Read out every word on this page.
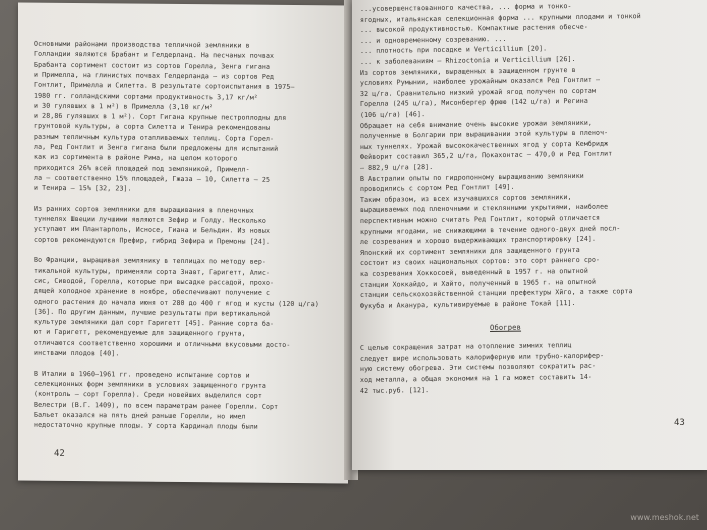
42
Основными районами производства тепличной земляники в
Голландии являются Брабант и Гелдерланд. На песчаных почвах
Брабанта сортимент состоит из сортов Горелла, Зенга гигана
и Примелла, на глинистых почвах Гелдерланда – из сортов Ред
Гонтлит, Примелла и Силетта. В результате сортоиспытания в 1975–
1980 гг. голландскими сортами продуктивность 3,17 кг/м²
и 30 гулявших в 1 м²) в Примелла (3,10 кг/м²
и 28,86 гулявших в 1 м²). Сорт Гигана крупные пестроплодны для
грунтовой культуры, а сорта Силетта и Тенира рекомендованы
разным тепличным культура отапливаемых теплиц. Сорта Горел-
ла, Ред Гонтлит и Зенга гигана были предложены для испытаний
как из сортимента в районе Рима, на целом которого
приходится 26% всей площадей под земляникой, Примелл-
ла – соответственно 15% площадей, Гжаза – 10, Силетта – 25
и Тенира – 15% [32, 23].
Из ранних сортов земляники для выращивания в пленочных
туннелях Швеции лучшими являются Зефир и Голду. Несколько
уступают им Плантарполь, Исносе, Гиана и Бельдин. Из новых
сортов рекомендуются Префир, гибрид Зефира и Премоны [24].
Во Франции, выращивая землянику в теплицах по методу вер-
тикальной культуры, применяли сорта Знавт, Гаригетт, Алис-
сис, Сиводой, Горелла, которые при высадке рассадой, прохо-
дящей холодное хранение в ноябре, обеспечивают получение с
одного растения до начала июня от 280 до 400 г ягод и кусты (120 ц/га)
[36]. По другим данным, лучшие результаты при вертикальной
культуре земляники дал сорт Гаригетт [45]. Ранние сорта ба-
ют и Гаригетт, рекомендуемые для защищенного грунта,
отличаются соответственно хорошими и отличными вкусовыми досто-
инствами плодов [40].
В Италии в 1960–1961 гг. проведено испытание сортов и
селекционных форм земляники в условиях защищенного грунта
(контроль – сорт Горелла). Среди новейших выделился сорт
Велестри (В.Г. 1409), по всем параметрам ранее Горелли. Сорт
Бальет оказался на пять дней раньше Горелли, но имел
недостаточно крупные плоды. У сорта Кардинал плоды были	43
...усовершенствованного качества, ... форма и тонко-
ягодных, итальянская селекционная форма ... крупными плодами и тонкой
... высокой продуктивностью. Компактные растения обесче-
... и одновременному созреванию. ...
... плотность при посадке и Verticillium [20].
... к заболеваниям – Rhizoctonia и Verticillium [26].
Из сортов земляники, выращенных в защищенном грунте в
условиях Румынии, наиболее урожайным оказался Ред Гонтлит –
32 ц/га. Сравнительно низкий урожай ягод получен по сортам
Горелла (245 ц/га), Мисонбергер фрюю (142 ц/га) и Регина
(106 ц/га) [46].
Обращает на себя внимание очень высокие урожаи земляники,
полученные в Болгарии при выращивании этой культуры в пленоч-
ных туннелях. Урожай высококачественных ягод у сорта Кембридж
Фейворит составил 365,2 ц/га, Покахонтас – 470,0 и Ред Гонтлит
– 882,9 ц/га [28].
В Австралии опыты по гидропонному выращиванию земляники
проводились с сортом Ред Гонтлит [49].
Таким образом, из всех изучавшихся сортов земляники,
выращиваемых под пленочными и стеклянными укрытиями, наиболее
перспективным можно считать Ред Гонтлит, который отличается
крупными ягодами, не снижающими в течение одного-двух дней посл-
ле созревания и хорошо выдерживающих транспортировку [24].
Японский их сортимент земляники для защищенного грунта
состоит из своих национальных сортов: это сорт раннего сро-
ка созревания Хоккосоей, выведенный в 1957 г. на опытной
станции Хоккайдо, и Хайто, полученный в 1965 г. на опытной
станции сельскохозяйственной станции префектуры Хйго, а также сорта
Фукуба и Аканура, культивируемые в районе Токай [11].
Обогрев
С целью сокращения затрат на отопление зимних теплиц
следует шире использовать калориферную или трубно-калорифер-
ную систему обогрева. Эти системы позволяют сократить рас-
ход металла, а общая экономия на 1 га может составить 14-
42 тыс.руб. [12].
www.meshok.net
